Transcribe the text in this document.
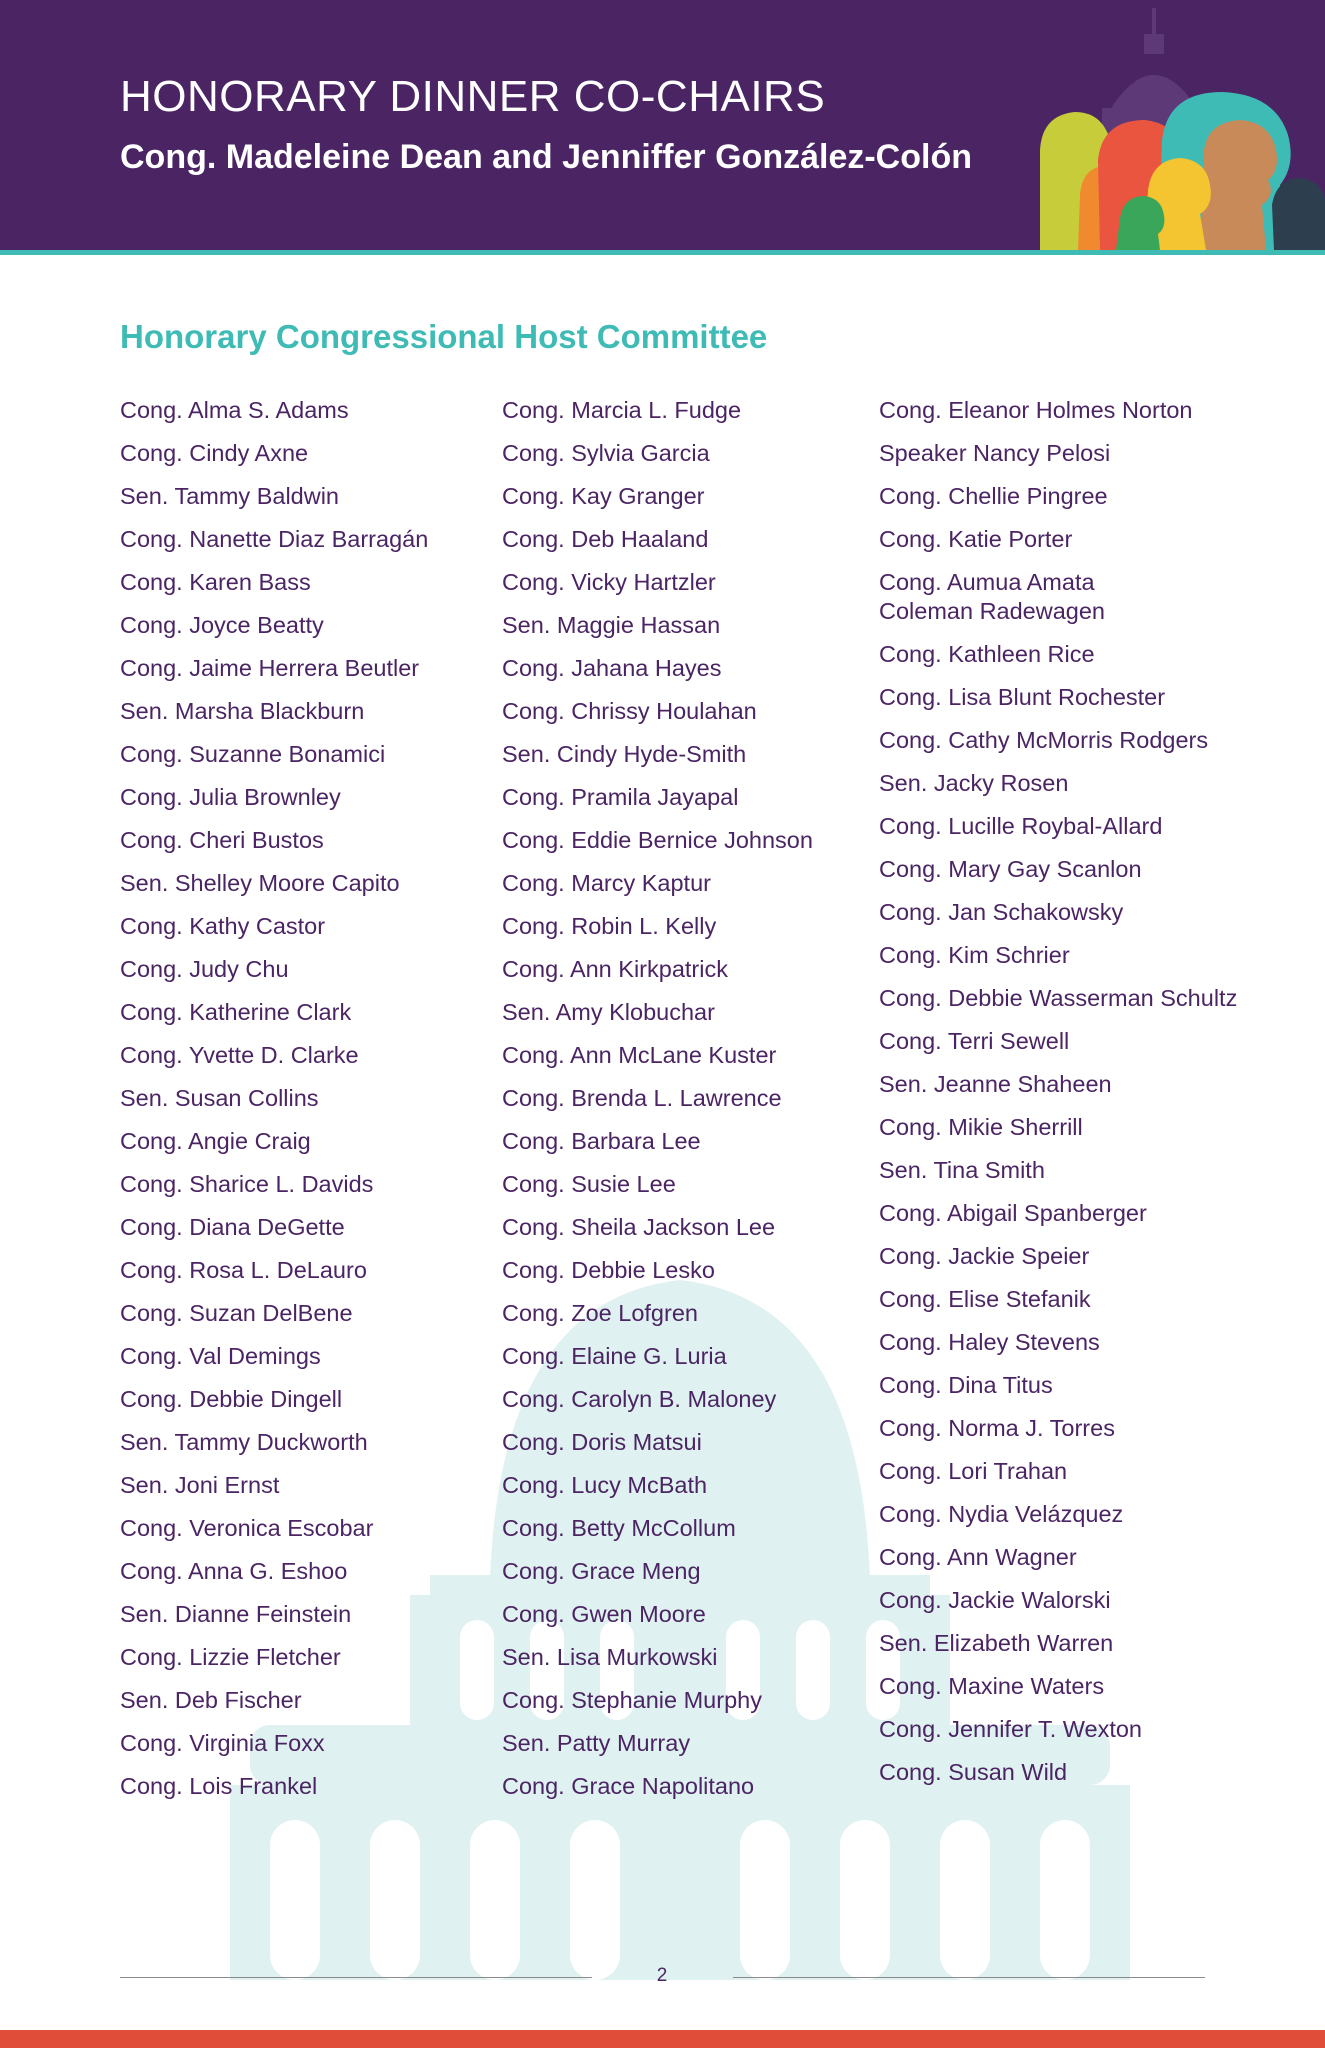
HONORARY DINNER CO-CHAIRS
Cong. Madeleine Dean and Jenniffer González-Colón
Honorary Congressional Host Committee
Cong. Alma S. Adams
Cong. Cindy Axne
Sen. Tammy Baldwin
Cong. Nanette Diaz Barragán
Cong. Karen Bass
Cong. Joyce Beatty
Cong. Jaime Herrera Beutler
Sen. Marsha Blackburn
Cong. Suzanne Bonamici
Cong. Julia Brownley
Cong. Cheri Bustos
Sen. Shelley Moore Capito
Cong. Kathy Castor
Cong. Judy Chu
Cong. Katherine Clark
Cong. Yvette D. Clarke
Sen. Susan Collins
Cong. Angie Craig
Cong. Sharice L. Davids
Cong. Diana DeGette
Cong. Rosa L. DeLauro
Cong. Suzan DelBene
Cong. Val Demings
Cong. Debbie Dingell
Sen. Tammy Duckworth
Sen. Joni Ernst
Cong. Veronica Escobar
Cong. Anna G. Eshoo
Sen. Dianne Feinstein
Cong. Lizzie Fletcher
Sen. Deb Fischer
Cong. Virginia Foxx
Cong. Lois Frankel
Cong. Marcia L. Fudge
Cong. Sylvia Garcia
Cong. Kay Granger
Cong. Deb Haaland
Cong. Vicky Hartzler
Sen. Maggie Hassan
Cong. Jahana Hayes
Cong. Chrissy Houlahan
Sen. Cindy Hyde-Smith
Cong. Pramila Jayapal
Cong. Eddie Bernice Johnson
Cong. Marcy Kaptur
Cong. Robin L. Kelly
Cong. Ann Kirkpatrick
Sen. Amy Klobuchar
Cong. Ann McLane Kuster
Cong. Brenda L. Lawrence
Cong. Barbara Lee
Cong. Susie Lee
Cong. Sheila Jackson Lee
Cong. Debbie Lesko
Cong. Zoe Lofgren
Cong. Elaine G. Luria
Cong. Carolyn B. Maloney
Cong. Doris Matsui
Cong. Lucy McBath
Cong. Betty McCollum
Cong. Grace Meng
Cong. Gwen Moore
Sen. Lisa Murkowski
Cong. Stephanie Murphy
Sen. Patty Murray
Cong. Grace Napolitano
Cong. Eleanor Holmes Norton
Speaker Nancy Pelosi
Cong. Chellie Pingree
Cong. Katie Porter
Cong. Aumua Amata
Coleman Radewagen
Cong. Kathleen Rice
Cong. Lisa Blunt Rochester
Cong. Cathy McMorris Rodgers
Sen. Jacky Rosen
Cong. Lucille Roybal-Allard
Cong. Mary Gay Scanlon
Cong. Jan Schakowsky
Cong. Kim Schrier
Cong. Debbie Wasserman Schultz
Cong. Terri Sewell
Sen. Jeanne Shaheen
Cong. Mikie Sherrill
Sen. Tina Smith
Cong. Abigail Spanberger
Cong. Jackie Speier
Cong. Elise Stefanik
Cong. Haley Stevens
Cong. Dina Titus
Cong. Norma J. Torres
Cong. Lori Trahan
Cong. Nydia Velázquez
Cong. Ann Wagner
Cong. Jackie Walorski
Sen. Elizabeth Warren
Cong. Maxine Waters
Cong. Jennifer T. Wexton
Cong. Susan Wild
2
